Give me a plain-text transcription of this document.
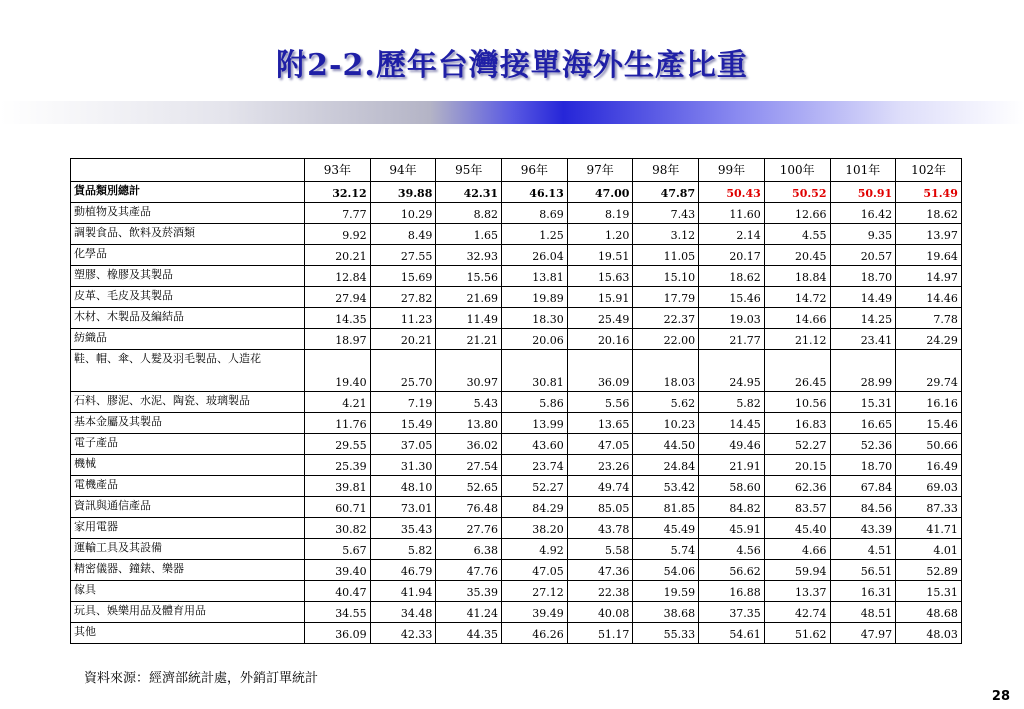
附2-2.歷年台灣接單海外生產比重
	93年	94年	95年	96年	97年	98年	99年	100年	101年	102年
貨品類別總計	32.12	39.88	42.31	46.13	47.00	47.87	50.43	50.52	50.91	51.49
動植物及其產品	7.77	10.29	8.82	8.69	8.19	7.43	11.60	12.66	16.42	18.62
調製食品、飲料及菸酒類	9.92	8.49	1.65	1.25	1.20	3.12	2.14	4.55	9.35	13.97
化學品	20.21	27.55	32.93	26.04	19.51	11.05	20.17	20.45	20.57	19.64
塑膠、橡膠及其製品	12.84	15.69	15.56	13.81	15.63	15.10	18.62	18.84	18.70	14.97
皮革、毛皮及其製品	27.94	27.82	21.69	19.89	15.91	17.79	15.46	14.72	14.49	14.46
木材、木製品及編結品	14.35	11.23	11.49	18.30	25.49	22.37	19.03	14.66	14.25	7.78
紡織品	18.97	20.21	21.21	20.06	20.16	22.00	21.77	21.12	23.41	24.29
鞋、帽、傘、人髮及羽毛製品、人造花	19.40	25.70	30.97	30.81	36.09	18.03	24.95	26.45	28.99	29.74
石料、膠泥、水泥、陶瓷、玻璃製品	4.21	7.19	5.43	5.86	5.56	5.62	5.82	10.56	15.31	16.16
基本金屬及其製品	11.76	15.49	13.80	13.99	13.65	10.23	14.45	16.83	16.65	15.46
電子產品	29.55	37.05	36.02	43.60	47.05	44.50	49.46	52.27	52.36	50.66
機械	25.39	31.30	27.54	23.74	23.26	24.84	21.91	20.15	18.70	16.49
電機產品	39.81	48.10	52.65	52.27	49.74	53.42	58.60	62.36	67.84	69.03
資訊與通信產品	60.71	73.01	76.48	84.29	85.05	81.85	84.82	83.57	84.56	87.33
家用電器	30.82	35.43	27.76	38.20	43.78	45.49	45.91	45.40	43.39	41.71
運輸工具及其設備	5.67	5.82	6.38	4.92	5.58	5.74	4.56	4.66	4.51	4.01
精密儀器、鐘錶、樂器	39.40	46.79	47.76	47.05	47.36	54.06	56.62	59.94	56.51	52.89
傢具	40.47	41.94	35.39	27.12	22.38	19.59	16.88	13.37	16.31	15.31
玩具、娛樂用品及體育用品	34.55	34.48	41.24	39.49	40.08	38.68	37.35	42.74	48.51	48.68
其他	36.09	42.33	44.35	46.26	51.17	55.33	54.61	51.62	47.97	48.03
資料來源：經濟部統計處，外銷訂單統計
28
